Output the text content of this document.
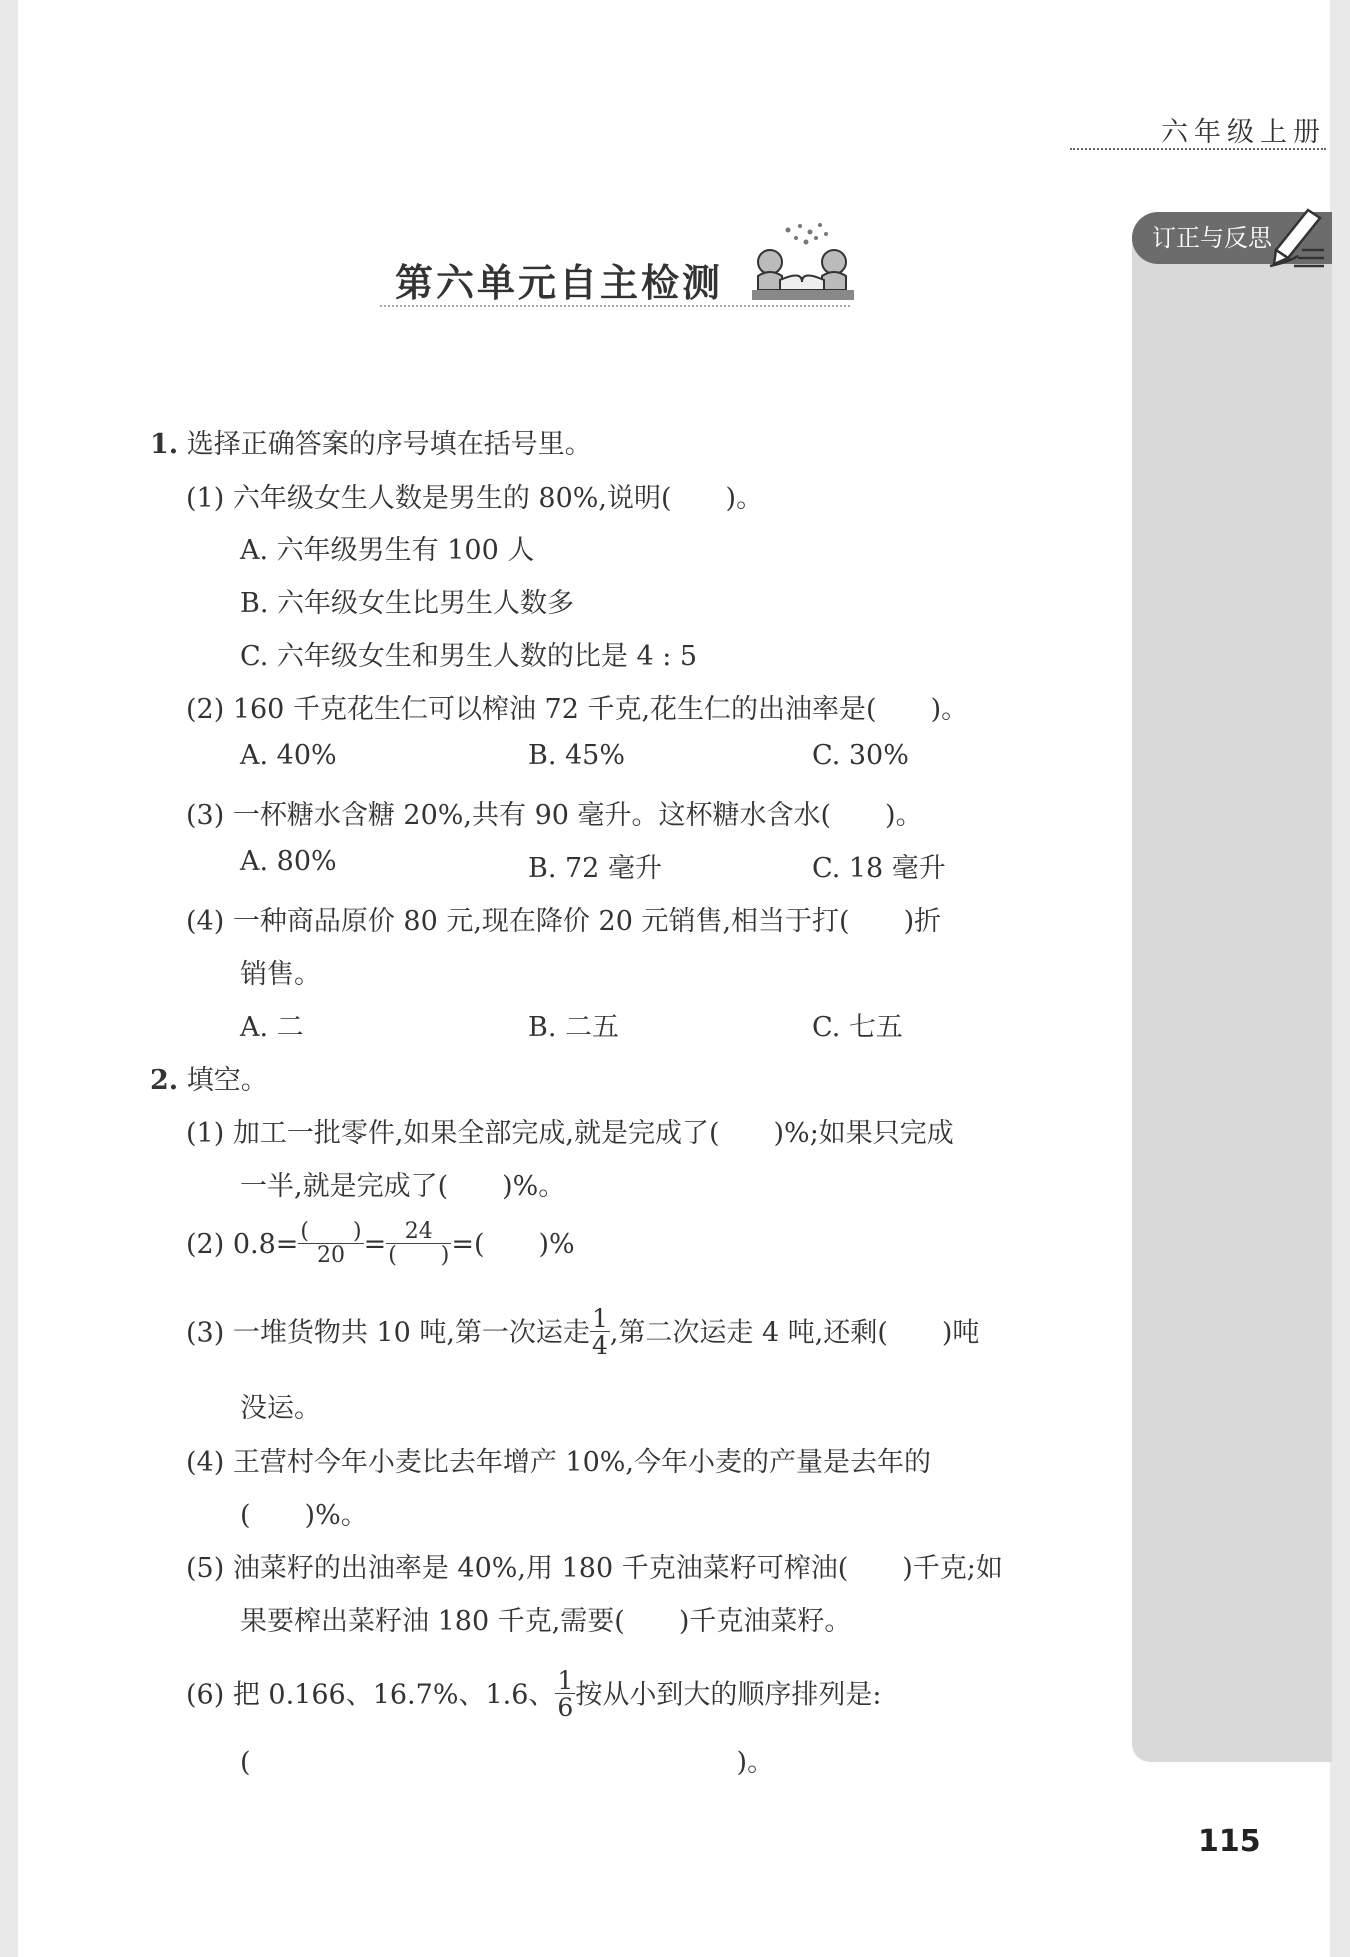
六年级上册
订正与反思
第六单元自主检测
1. 选择正确答案的序号填在括号里。
(1) 六年级女生人数是男生的 80%,说明(　　)。
A. 六年级男生有 100 人
B. 六年级女生比男生人数多
C. 六年级女生和男生人数的比是 4 : 5
(2) 160 千克花生仁可以榨油 72 千克,花生仁的出油率是(　　)。
A. 40%	B. 45%	C. 30%
(3) 一杯糖水含糖 20%,共有 90 毫升。这杯糖水含水(　　)。
A. 80%	B. 72 毫升	C. 18 毫升
(4) 一种商品原价 80 元,现在降价 20 元销售,相当于打(　　)折
销售。
A. 二	B. 二五	C. 七五
2. 填空。
(1) 加工一批零件,如果全部完成,就是完成了(　　)%;如果只完成
一半,就是完成了(　　)%。
(2) $0.8= \frac{( )}{20} = \frac{24}{( )}$ =(　　)%
(3) 一堆货物共 10 吨,第一次运走 $\frac{1}{4}$ ,第二次运走 4 吨,还剩(　　)吨
没运。
(4) 王营村今年小麦比去年增产 10%,今年小麦的产量是去年的
(　　)%。
(5) 油菜籽的出油率是 40%,用 180 千克油菜籽可榨油(　　)千克;如
果要榨出菜籽油 180 千克,需要(　　)千克油菜籽。
(6) 把 0.166、16.7%、1.6、 $\frac{1}{6}$ 按从小到大的顺序排列是:
(　　　　　　　　　　　　　　　　　　)。
115
